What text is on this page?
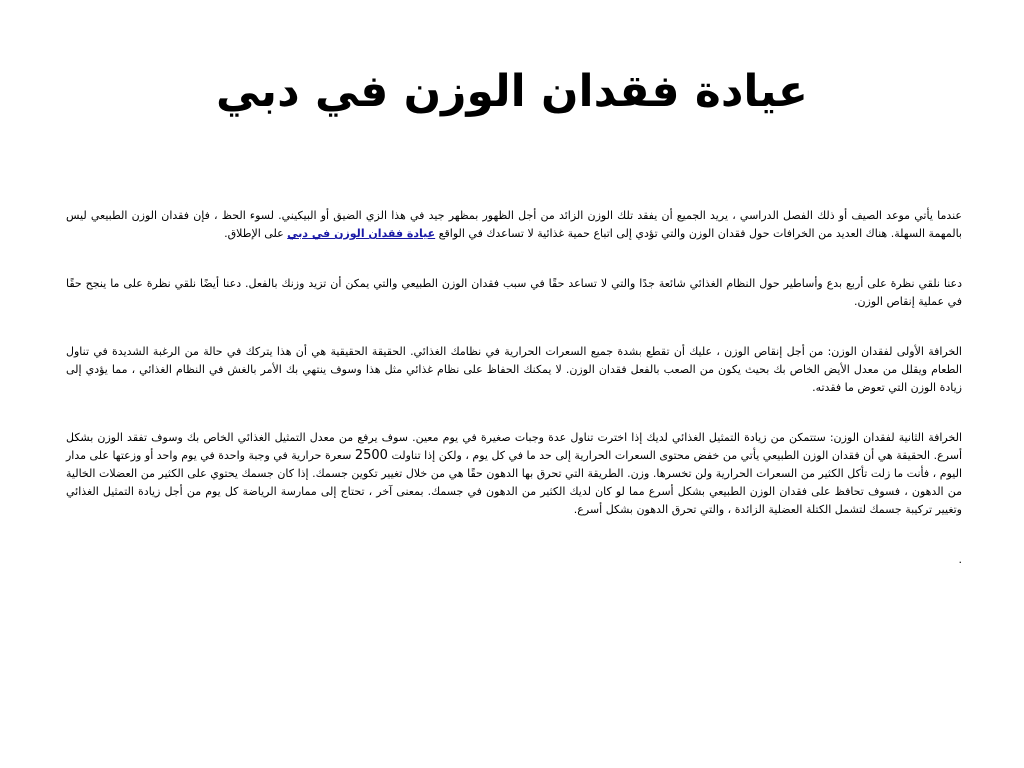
عيادة فقدان الوزن في دبي

عندما يأتي موعد الصيف أو ذلك الفصل الدراسي ، يريد الجميع أن يفقد تلك الوزن الزائد من أجل الظهور بمظهر جيد في هذا الزي الضيق أو البيكيني. لسوء الحظ ، فإن فقدان الوزن الطبيعي ليس بالمهمة السهلة. هناك العديد من الخرافات حول فقدان الوزن والتي تؤدي إلى اتباع حمية غذائية لا تساعدك في الواقع عيادة فقدان الوزن في دبي على الإطلاق.

دعنا نلقي نظرة على أربع بدع وأساطير حول النظام الغذائي شائعة جدًا والتي لا تساعد حقًا في سبب فقدان الوزن الطبيعي والتي يمكن أن تزيد وزنك بالفعل. دعنا أيضًا نلقي نظرة على ما ينجح حقًا في عملية إنقاص الوزن.

الخرافة الأولى لفقدان الوزن: من أجل إنقاص الوزن ، عليك أن تقطع بشدة جميع السعرات الحرارية في نظامك الغذائي. الحقيقة الحقيقية هي أن هذا يتركك في حالة من الرغبة الشديدة في تناول الطعام ويقلل من معدل الأيض الخاص بك بحيث يكون من الصعب بالفعل فقدان الوزن. لا يمكنك الحفاظ على نظام غذائي مثل هذا وسوف ينتهي بك الأمر بالغش في النظام الغذائي ، مما يؤدي إلى زيادة الوزن التي تعوض ما فقدته.

الخرافة الثانية لفقدان الوزن: ستتمكن من زيادة التمثيل الغذائي لديك إذا اخترت تناول عدة وجبات صغيرة في يوم معين. سوف يرفع من معدل التمثيل الغذائي الخاص بك وسوف تفقد الوزن بشكل أسرع. الحقيقة هي أن فقدان الوزن الطبيعي يأتي من خفض محتوى السعرات الحرارية إلى حد ما في كل يوم ، ولكن إذا تناولت 2500 سعرة حرارية في وجبة واحدة في يوم واحد أو وزعتها على مدار اليوم ، فأنت ما زلت تأكل الكثير من السعرات الحرارية ولن تخسرها. وزن. الطريقة التي تحرق بها الدهون حقًا هي من خلال تغيير تكوين جسمك. إذا كان جسمك يحتوي على الكثير من العضلات الخالية من الدهون ، فسوف تحافظ على فقدان الوزن الطبيعي بشكل أسرع مما لو كان لديك الكثير من الدهون في جسمك. بمعنى آخر ، تحتاج إلى ممارسة الرياضة كل يوم من أجل زيادة التمثيل الغذائي وتغيير تركيبة جسمك لتشمل الكتلة العضلية الزائدة ، والتي تحرق الدهون بشكل أسرع.

.
